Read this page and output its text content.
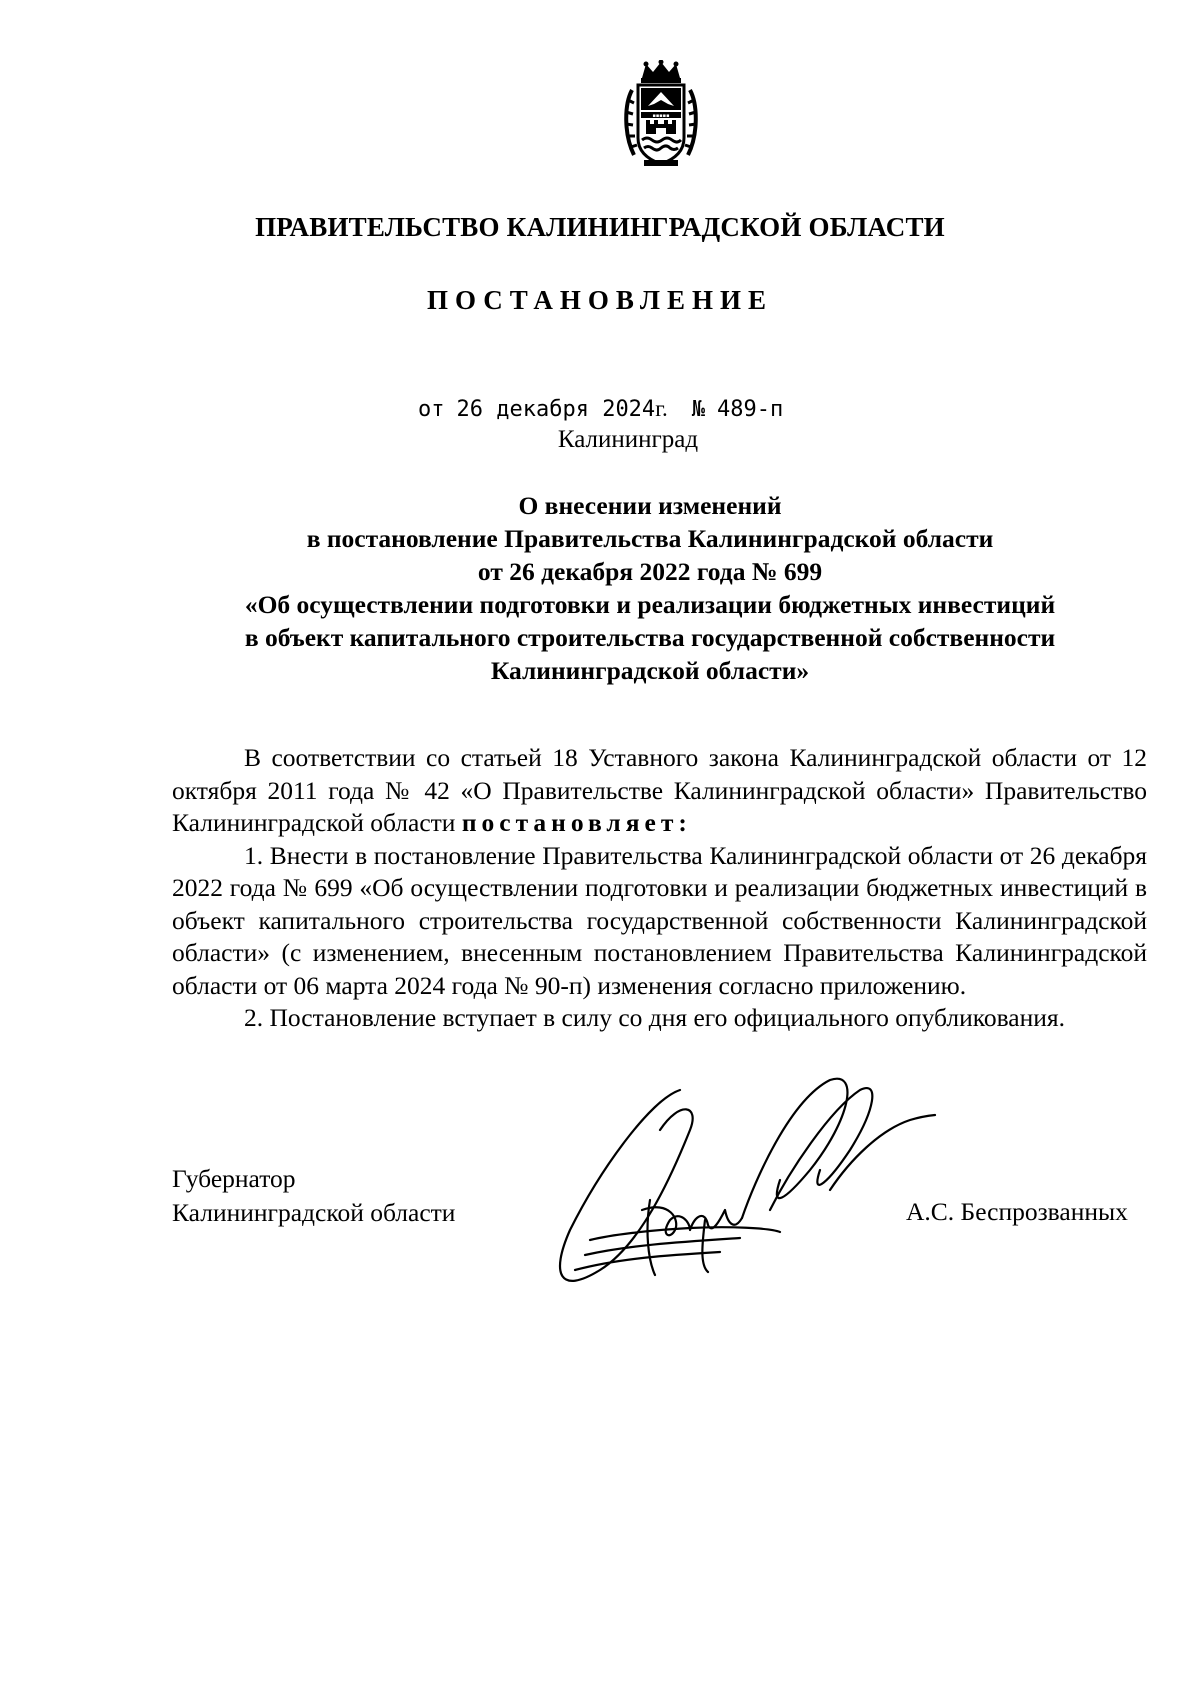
▪▪▪▪▪
ПРАВИТЕЛЬСТВО КАЛИНИНГРАДСКОЙ ОБЛАСТИ
ПОСТАНОВЛЕНИЕ
от 26 декабря 2024г. № 489-п
Калининград
О внесении изменений
в постановление Правительства Калининградской области
от 26 декабря 2022 года № 699
«Об осуществлении подготовки и реализации бюджетных инвестиций
в объект капитального строительства государственной собственности
Калининградской области»

В соответствии со статьей 18 Уставного закона Калининградской области от 12 октября 2011 года № 42 «О Правительстве Калининградской области» Правительство Калининградской области постановляет:

1. Внести в постановление Правительства Калининградской области от 26 декабря 2022 года № 699 «Об осуществлении подготовки и реализации бюджетных инвестиций в объект капитального строительства государственной собственности Калининградской области» (с изменением, внесенным постановлением Правительства Калининградской области от 06 марта 2024 года № 90-п) изменения согласно приложению.

2. Постановление вступает в силу со дня его официального опубликования.

Губернатор
Калининградской области	А.С. Беспрозванных
